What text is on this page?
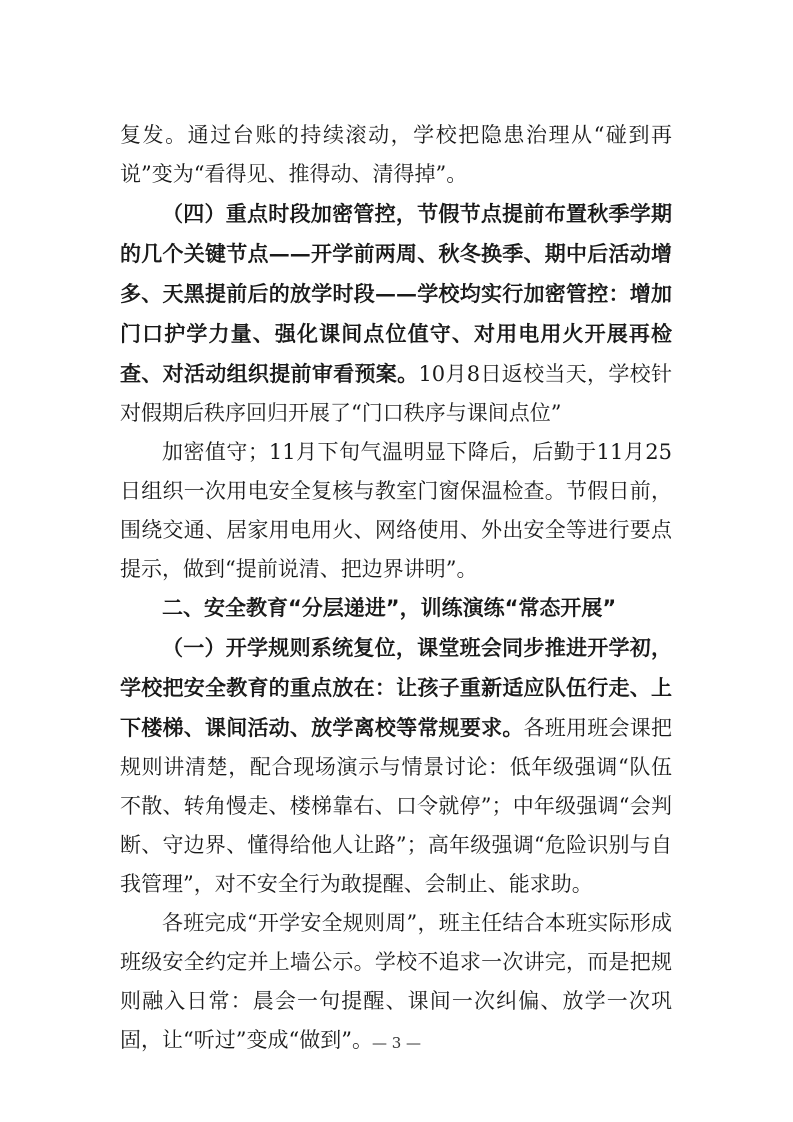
复发。通过台账的持续滚动，学校把隐患治理从“碰到再说”变为“看得见、推得动、清得掉”。

（四）重点时段加密管控，节假节点提前布置秋季学期的几个关键节点——开学前两周、秋冬换季、期中后活动增多、天黑提前后的放学时段——学校均实行加密管控：增加门口护学力量、强化课间点位值守、对用电用火开展再检查、对活动组织提前审看预案。10月8日返校当天，学校针对假期后秩序回归开展了“门口秩序与课间点位”

加密值守；11月下旬气温明显下降后，后勤于11月25日组织一次用电安全复核与教室门窗保温检查。节假日前，围绕交通、居家用电用火、网络使用、外出安全等进行要点提示，做到“提前说清、把边界讲明”。

二、安全教育“分层递进”，训练演练“常态开展”

（一）开学规则系统复位，课堂班会同步推进开学初，学校把安全教育的重点放在：让孩子重新适应队伍行走、上下楼梯、课间活动、放学离校等常规要求。各班用班会课把规则讲清楚，配合现场演示与情景讨论：低年级强调“队伍不散、转角慢走、楼梯靠右、口令就停”；中年级强调“会判断、守边界、懂得给他人让路”；高年级强调“危险识别与自我管理”，对不安全行为敢提醒、会制止、能求助。

各班完成“开学安全规则周”，班主任结合本班实际形成班级安全约定并上墙公示。学校不追求一次讲完，而是把规则融入日常：晨会一句提醒、课间一次纠偏、放学一次巩固，让“听过”变成“做到”。 — 3 —
